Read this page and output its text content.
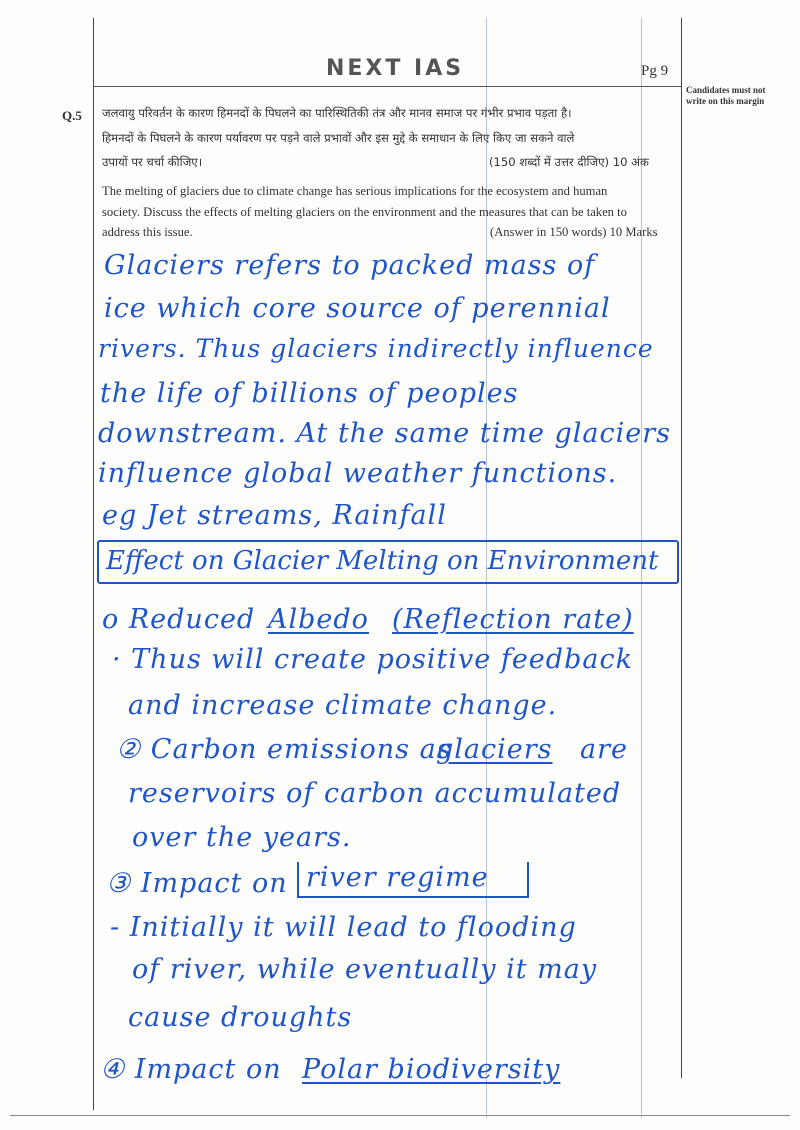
NEXT IAS	Pg 9
Candidates must not
write on this margin
Q.5 जलवायु परिवर्तन के कारण हिमनदों के पिघलने का पारिस्थितिकी तंत्र और मानव समाज पर गंभीर प्रभाव पड़ता है।
हिमनदों के पिघलने के कारण पर्यावरण पर पड़ने वाले प्रभावों और इस मुद्दे के समाधान के लिए किए जा सकने वाले
उपायों पर चर्चा कीजिए।	(150 शब्दों में उत्तर दीजिए) 10 अंक
The melting of glaciers due to climate change has serious implications for the ecosystem and human
society. Discuss the effects of melting glaciers on the environment and the measures that can be taken to
address this issue.	(Answer in 150 words) 10 Marks
Glaciers refers to packed mass of
ice which core source of perennial
rivers. Thus glaciers indirectly influence
the life of billions of peoples
downstream. At the same time glaciers
influence global weather functions.
eg Jet streams, Rainfall
Effect on Glacier Melting on Environment
o Reduced Albedo (Reflection rate)
· Thus will create positive feedback
and increase climate change.
② Carbon emissions as
glaciers are
reservoirs of carbon accumulated
over the years.
③ Impact on river regime
- Initially it will lead to flooding
of river, while eventually it may
cause droughts
④ Impact on Polar biodiversity
